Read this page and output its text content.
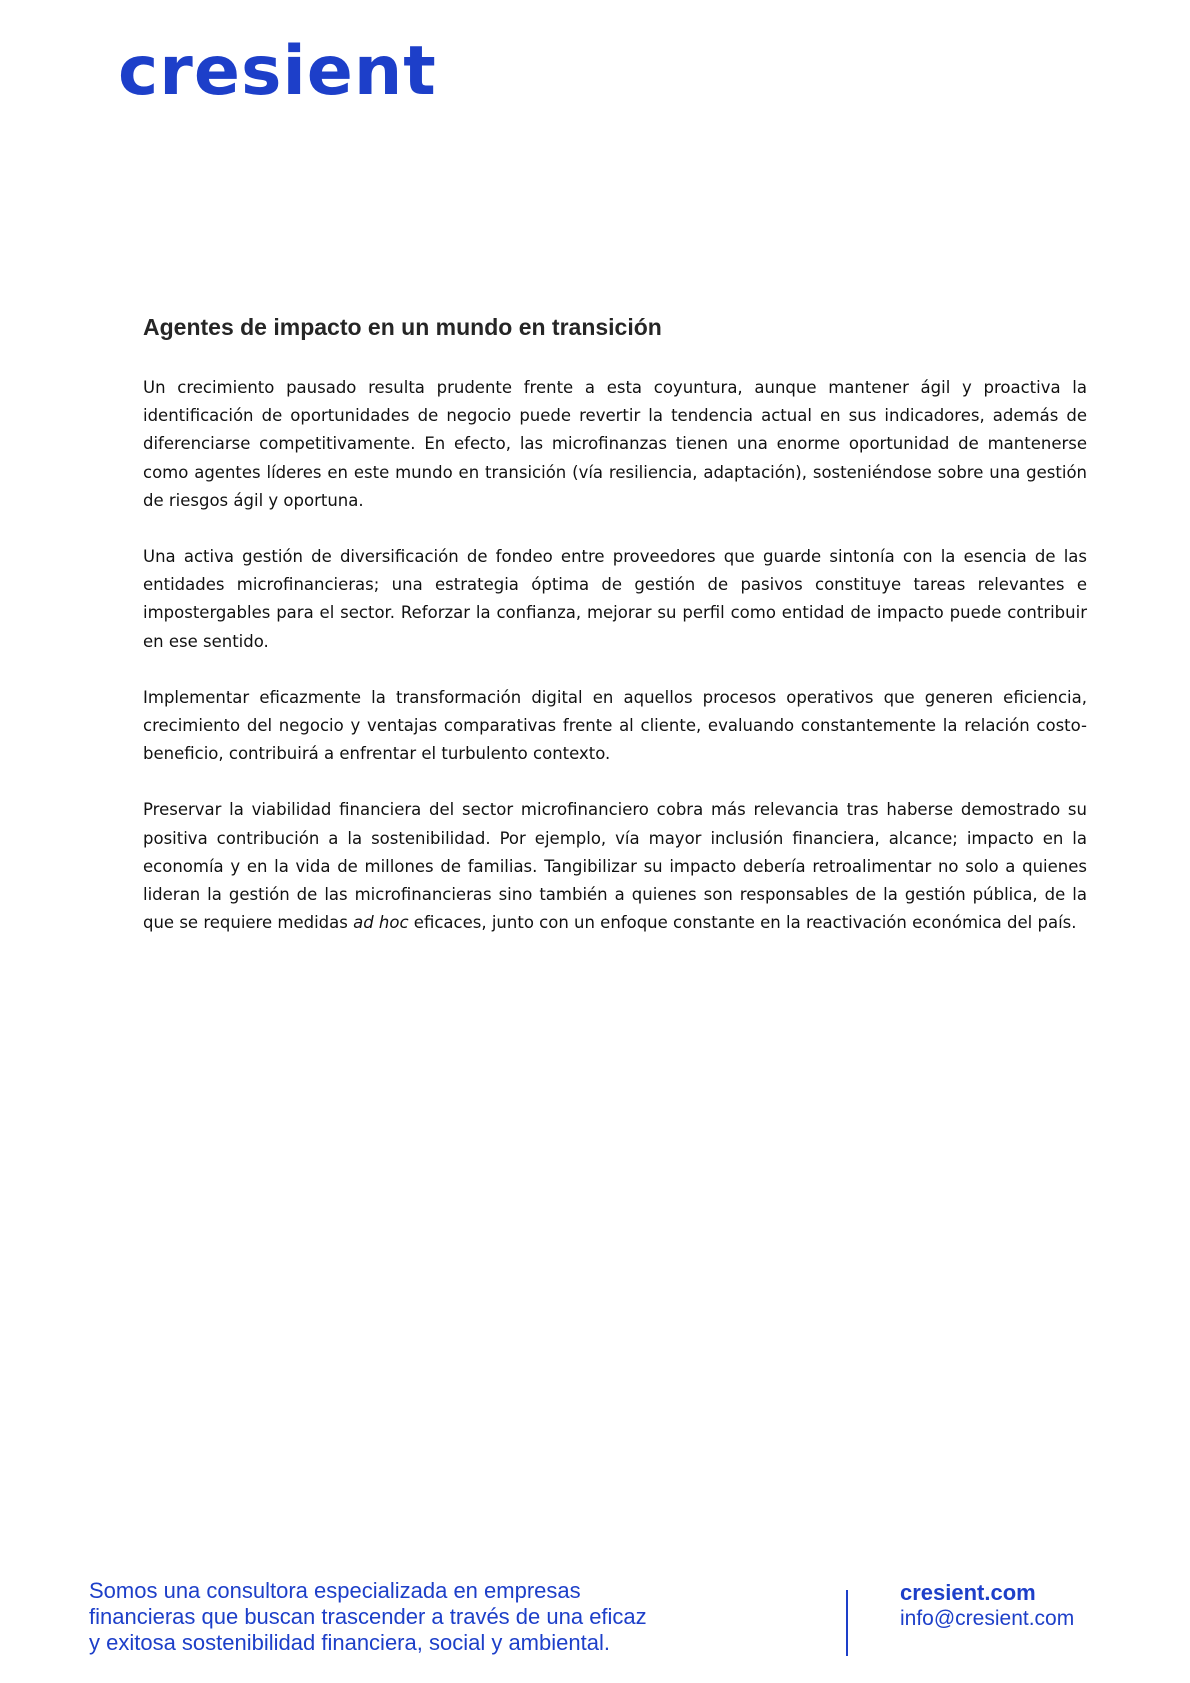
cresient
Agentes de impacto en un mundo en transición

Un crecimiento pausado resulta prudente frente a esta coyuntura, aunque mantener ágil y proactiva la identificación de oportunidades de negocio puede revertir la tendencia actual en sus indicadores, además de diferenciarse competitivamente. En efecto, las microfinanzas tienen una enorme oportunidad de mantenerse como agentes líderes en este mundo en transición (vía resiliencia, adaptación), sosteniéndose sobre una gestión de riesgos ágil y oportuna.

Una activa gestión de diversificación de fondeo entre proveedores que guarde sintonía con la esencia de las entidades microfinancieras; una estrategia óptima de gestión de pasivos constituye tareas relevantes e impostergables para el sector. Reforzar la confianza, mejorar su perfil como entidad de impacto puede contribuir en ese sentido.

Implementar eficazmente la transformación digital en aquellos procesos operativos que generen eficiencia, crecimiento del negocio y ventajas comparativas frente al cliente, evaluando constantemente la relación costo-beneficio, contribuirá a enfrentar el turbulento contexto.

Preservar la viabilidad financiera del sector microfinanciero cobra más relevancia tras haberse demostrado su positiva contribución a la sostenibilidad. Por ejemplo, vía mayor inclusión financiera, alcance; impacto en la economía y en la vida de millones de familias. Tangibilizar su impacto debería retroalimentar no solo a quienes lideran la gestión de las microfinancieras sino también a quienes son responsables de la gestión pública, de la que se requiere medidas ad hoc eficaces, junto con un enfoque constante en la reactivación económica del país.

Somos una consultora especializada en empresas
financieras que buscan trascender a través de una eficaz
y exitosa sostenibilidad financiera, social y ambiental.
cresient.com
info@cresient.com
